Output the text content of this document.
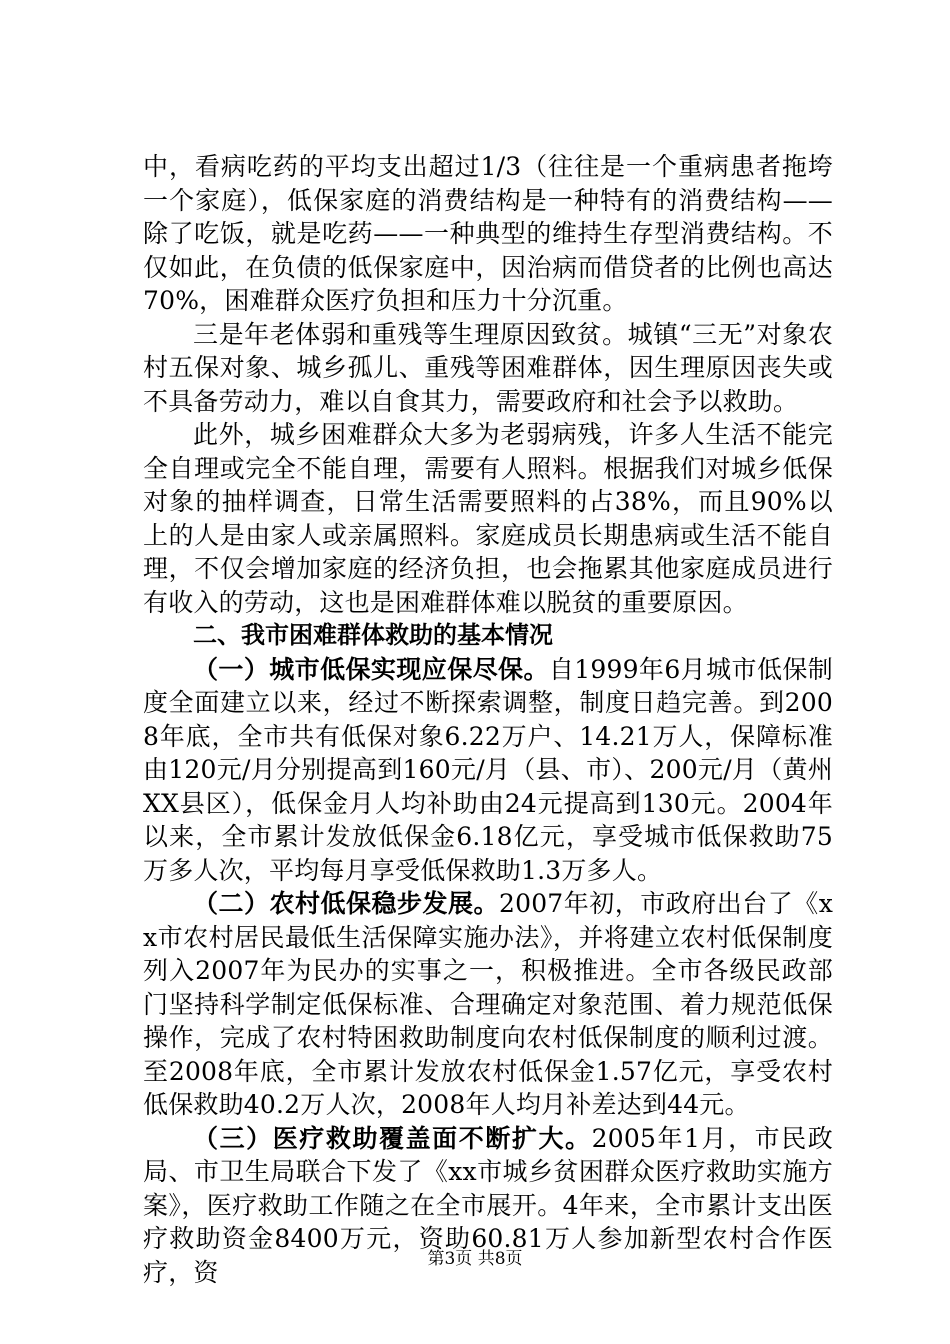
中，看病吃药的平均支出超过1/3（往往是一个重病患者拖垮一个家庭），低保家庭的消费结构是一种特有的消费结构——除了吃饭，就是吃药——一种典型的维持生存型消费结构。不仅如此，在负债的低保家庭中，因治病而借贷者的比例也高达70%，困难群众医疗负担和压力十分沉重。

三是年老体弱和重残等生理原因致贫。城镇“三无”对象农村五保对象、城乡孤儿、重残等困难群体，因生理原因丧失或不具备劳动力，难以自食其力，需要政府和社会予以救助。

此外，城乡困难群众大多为老弱病残，许多人生活不能完全自理或完全不能自理，需要有人照料。根据我们对城乡低保对象的抽样调查，日常生活需要照料的占38%，而且90%以上的人是由家人或亲属照料。家庭成员长期患病或生活不能自理，不仅会增加家庭的经济负担，也会拖累其他家庭成员进行有收入的劳动，这也是困难群体难以脱贫的重要原因。

二、我市困难群体救助的基本情况

（一）城市低保实现应保尽保。自1999年6月城市低保制度全面建立以来，经过不断探索调整，制度日趋完善。到2008年底，全市共有低保对象6.22万户、14.21万人，保障标准由120元/月分别提高到160元/月（县、市）、200元/月（黄州XX县区），低保金月人均补助由24元提高到130元。2004年以来，全市累计发放低保金6.18亿元，享受城市低保救助75万多人次，平均每月享受低保救助1.3万多人。

（二）农村低保稳步发展。2007年初，市政府出台了《xx市农村居民最低生活保障实施办法》，并将建立农村低保制度列入2007年为民办的实事之一，积极推进。全市各级民政部门坚持科学制定低保标准、合理确定对象范围、着力规范低保操作，完成了农村特困救助制度向农村低保制度的顺利过渡。至2008年底，全市累计发放农村低保金1.57亿元，享受农村低保救助40.2万人次，2008年人均月补差达到44元。

（三）医疗救助覆盖面不断扩大。2005年1月，市民政局、市卫生局联合下发了《xx市城乡贫困群众医疗救助实施方案》，医疗救助工作随之在全市展开。4年来，全市累计支出医疗救助资金8400万元，资助60.81万人参加新型农村合作医疗，资	第3页 共8页
